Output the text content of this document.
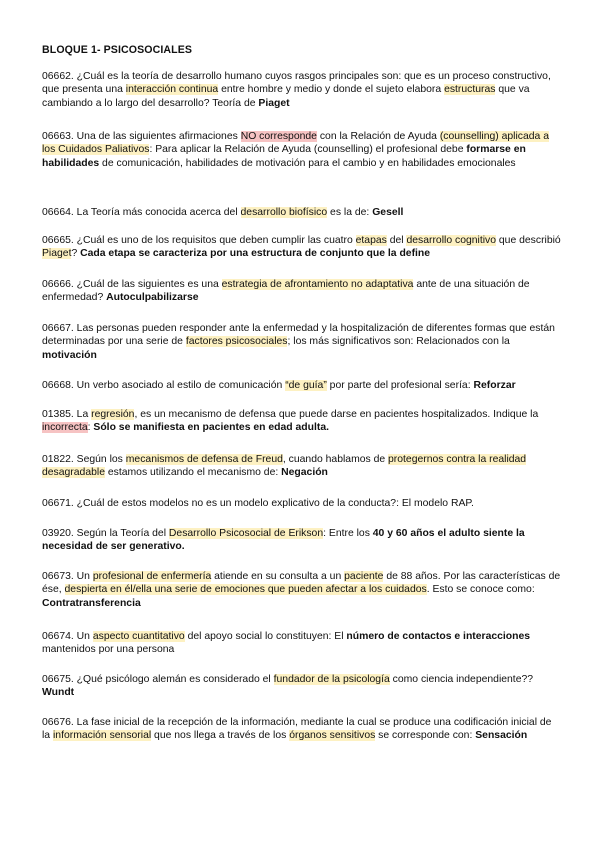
BLOQUE 1- PSICOSOCIALES

06662. ¿Cuál es la teoría de desarrollo humano cuyos rasgos principales son: que es un proceso constructivo, que presenta una interacción continua entre hombre y medio y donde el sujeto elabora estructuras que va cambiando a lo largo del desarrollo? Teoría de Piaget

06663. Una de las siguientes afirmaciones NO corresponde con la Relación de Ayuda (counselling) aplicada a los Cuidados Paliativos: Para aplicar la Relación de Ayuda (counselling) el profesional debe formarse en habilidades de comunicación, habilidades de motivación para el cambio y en habilidades emocionales

06664. La Teoría más conocida acerca del desarrollo biofísico es la de: Gesell

06665. ¿Cuál es uno de los requisitos que deben cumplir las cuatro etapas del desarrollo cognitivo que describió Piaget? Cada etapa se caracteriza por una estructura de conjunto que la define

06666. ¿Cuál de las siguientes es una estrategia de afrontamiento no adaptativa ante de una situación de enfermedad? Autoculpabilizarse

06667. Las personas pueden responder ante la enfermedad y la hospitalización de diferentes formas que están determinadas por una serie de factores psicosociales; los más significativos son: Relacionados con la motivación

06668. Un verbo asociado al estilo de comunicación “de guía” por parte del profesional sería: Reforzar

01385. La regresión, es un mecanismo de defensa que puede darse en pacientes hospitalizados. Indique la incorrecta: Sólo se manifiesta en pacientes en edad adulta.

01822. Según los mecanismos de defensa de Freud, cuando hablamos de protegernos contra la realidad desagradable estamos utilizando el mecanismo de: Negación

06671. ¿Cuál de estos modelos no es un modelo explicativo de la conducta?: El modelo RAP.

03920. Según la Teoría del Desarrollo Psicosocial de Erikson: Entre los 40 y 60 años el adulto siente la necesidad de ser generativo.

06673. Un profesional de enfermería atiende en su consulta a un paciente de 88 años. Por las características de ése, despierta en él/ella una serie de emociones que pueden afectar a los cuidados. Esto se conoce como: Contratransferencia

06674. Un aspecto cuantitativo del apoyo social lo constituyen: El número de contactos e interacciones mantenidos por una persona

06675. ¿Qué psicólogo alemán es considerado el fundador de la psicología como ciencia independiente?? Wundt

06676. La fase inicial de la recepción de la información, mediante la cual se produce una codificación inicial de la información sensorial que nos llega a través de los órganos sensitivos se corresponde con: Sensación
